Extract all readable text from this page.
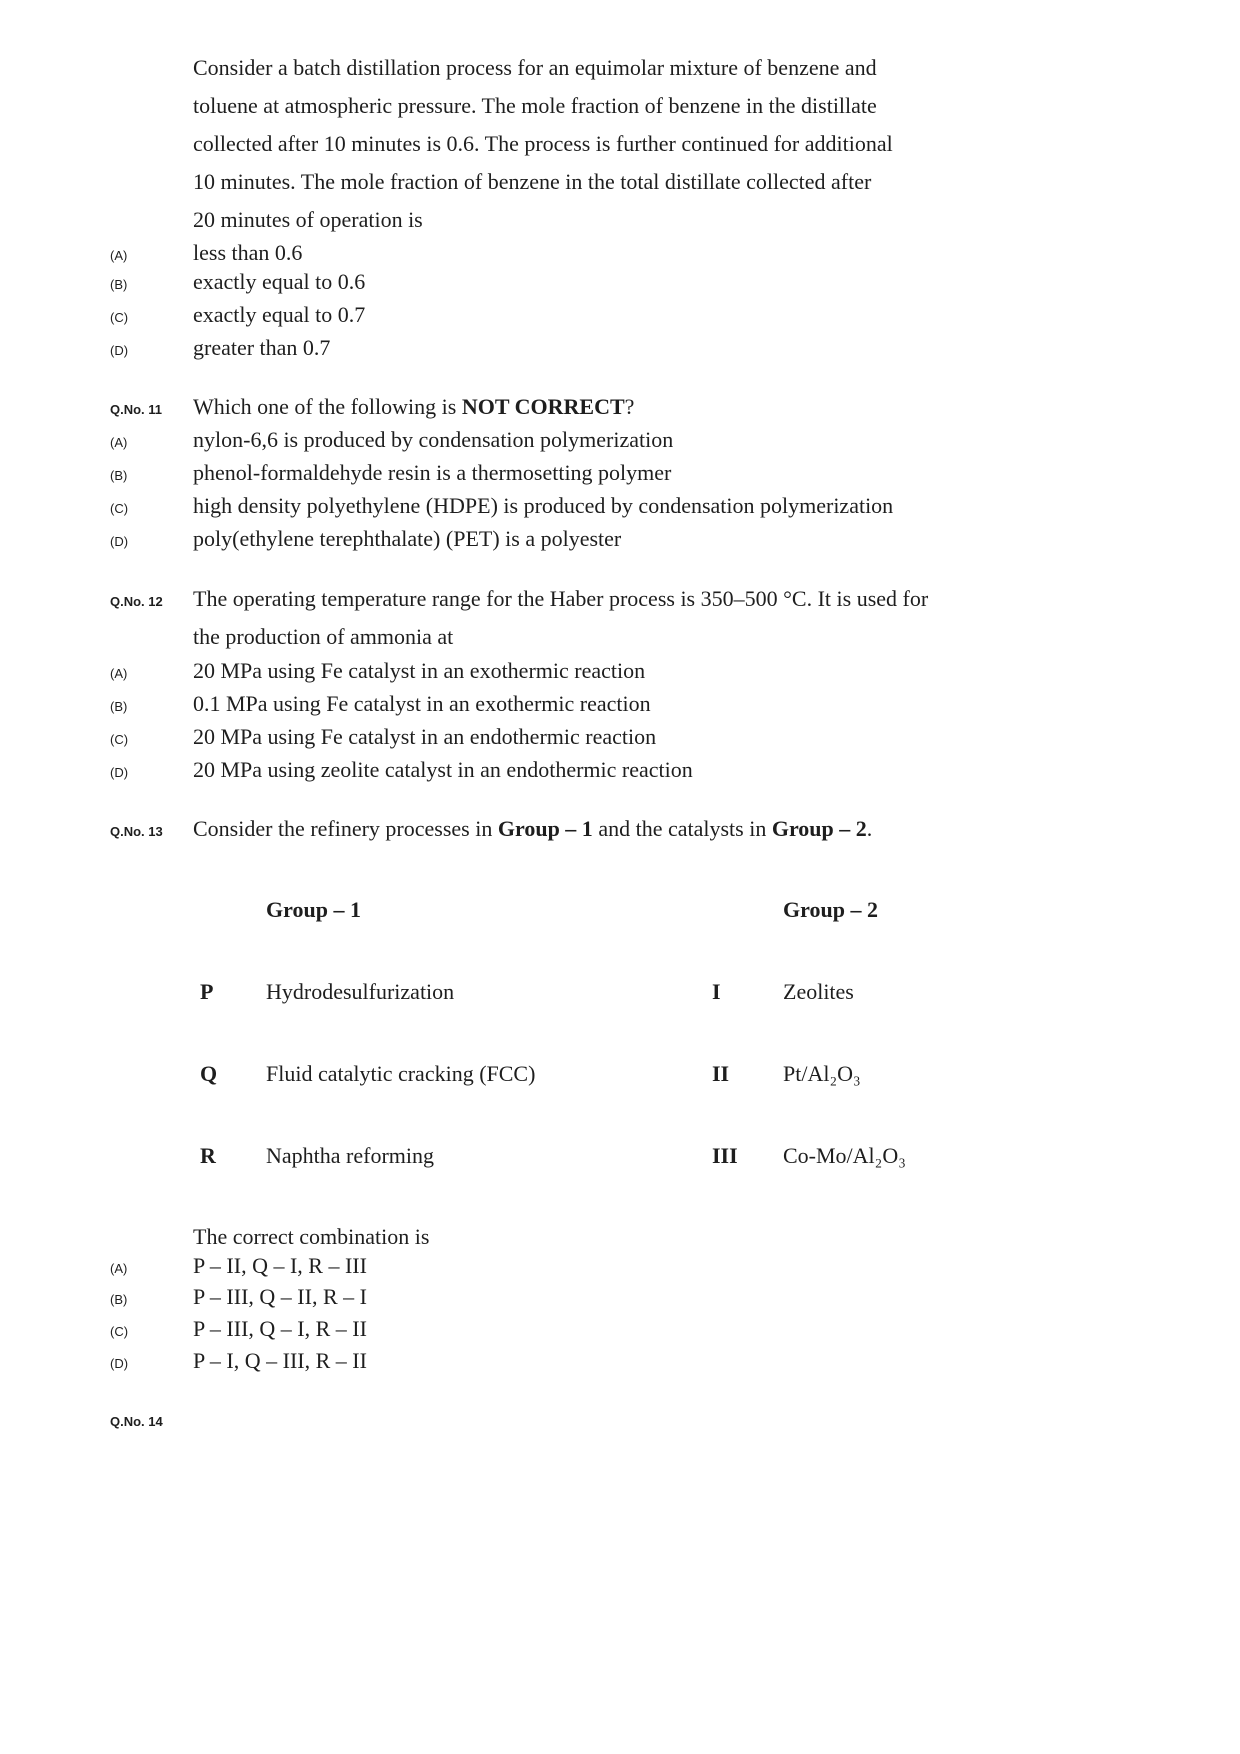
Consider a batch distillation process for an equimolar mixture of benzene and
toluene at atmospheric pressure. The mole fraction of benzene in the distillate
collected after 10 minutes is 0.6. The process is further continued for additional
10 minutes. The mole fraction of benzene in the total distillate collected after
20 minutes of operation is
(A)	less than 0.6
(B)	exactly equal to 0.6
(C)	exactly equal to 0.7
(D)	greater than 0.7
Q.No. 11 Which one of the following is NOT CORRECT?
(A)	nylon-6,6 is produced by condensation polymerization
(B)	phenol-formaldehyde resin is a thermosetting polymer
(C)	high density polyethylene (HDPE) is produced by condensation polymerization
(D)	poly(ethylene terephthalate) (PET) is a polyester
Q.No. 12 The operating temperature range for the Haber process is 350–500 °C. It is used for
the production of ammonia at
(A)	20 MPa using Fe catalyst in an exothermic reaction
(B)	0.1 MPa using Fe catalyst in an exothermic reaction
(C)	20 MPa using Fe catalyst in an endothermic reaction
(D)	20 MPa using zeolite catalyst in an endothermic reaction
Q.No. 13 Consider the refinery processes in Group – 1 and the catalysts in Group – 2.
Group – 1	Group – 2
P Hydrodesulfurization	I	Zeolites
Q Fluid catalytic cracking (FCC)	II Pt/Al₂O₃
R Naphtha reforming	III Co-Mo/Al₂O₃
The correct combination is
(A)	P – II, Q – I, R – III
(B)	P – III, Q – II, R – I
(C)	P – III, Q – I, R – II
(D)	P – I, Q – III, R – II
Q.No. 14
